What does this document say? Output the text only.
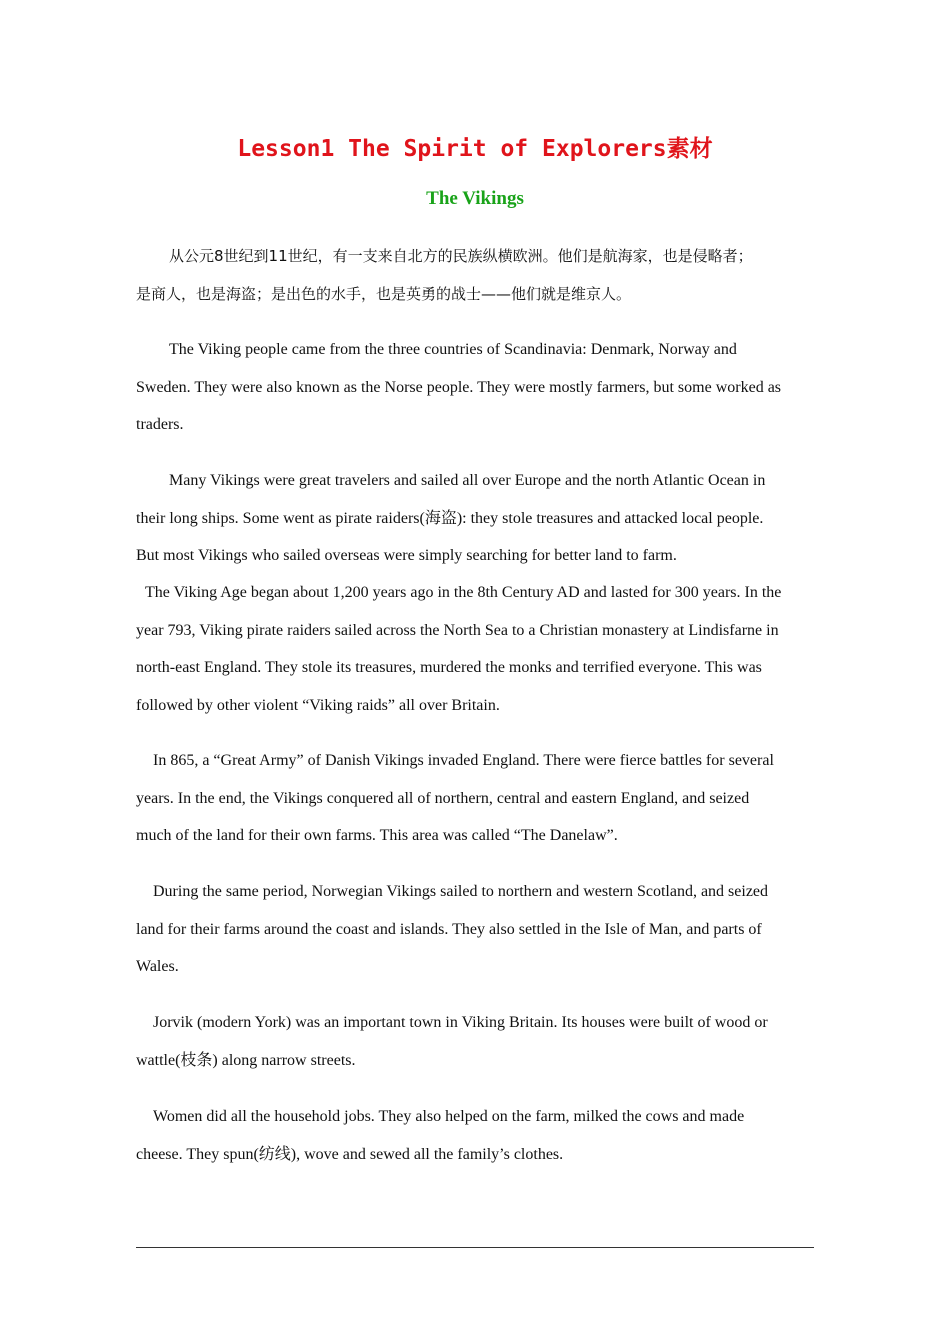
Lesson1 The Spirit of Explorers素材
The Vikings

从公元8世纪到11世纪，有一支来自北方的民族纵横欧洲。他们是航海家，也是侵略者；
是商人，也是海盗；是出色的水手，也是英勇的战士——他们就是维京人。

The Viking people came from the three countries of Scandinavia: Denmark, Norway and
Sweden. They were also known as the Norse people. They were mostly farmers, but some worked as
traders.

Many Vikings were great travelers and sailed all over Europe and the north Atlantic Ocean in
their long ships. Some went as pirate raiders(海盗): they stole treasures and attacked local people.
But most Vikings who sailed overseas were simply searching for better land to farm.

The Viking Age began about 1,200 years ago in the 8th Century AD and lasted for 300 years. In the
year 793, Viking pirate raiders sailed across the North Sea to a Christian monastery at Lindisfarne in
north-east England. They stole its treasures, murdered the monks and terrified everyone. This was
followed by other violent “Viking raids” all over Britain.

In 865, a “Great Army” of Danish Vikings invaded England. There were fierce battles for several
years. In the end, the Vikings conquered all of northern, central and eastern England, and seized
much of the land for their own farms. This area was called “The Danelaw”.

During the same period, Norwegian Vikings sailed to northern and western Scotland, and seized
land for their farms around the coast and islands. They also settled in the Isle of Man, and parts of
Wales.

Jorvik (modern York) was an important town in Viking Britain. Its houses were built of wood or
wattle(枝条) along narrow streets.

Women did all the household jobs. They also helped on the farm, milked the cows and made
cheese. They spun(纺线), wove and sewed all the family’s clothes.
